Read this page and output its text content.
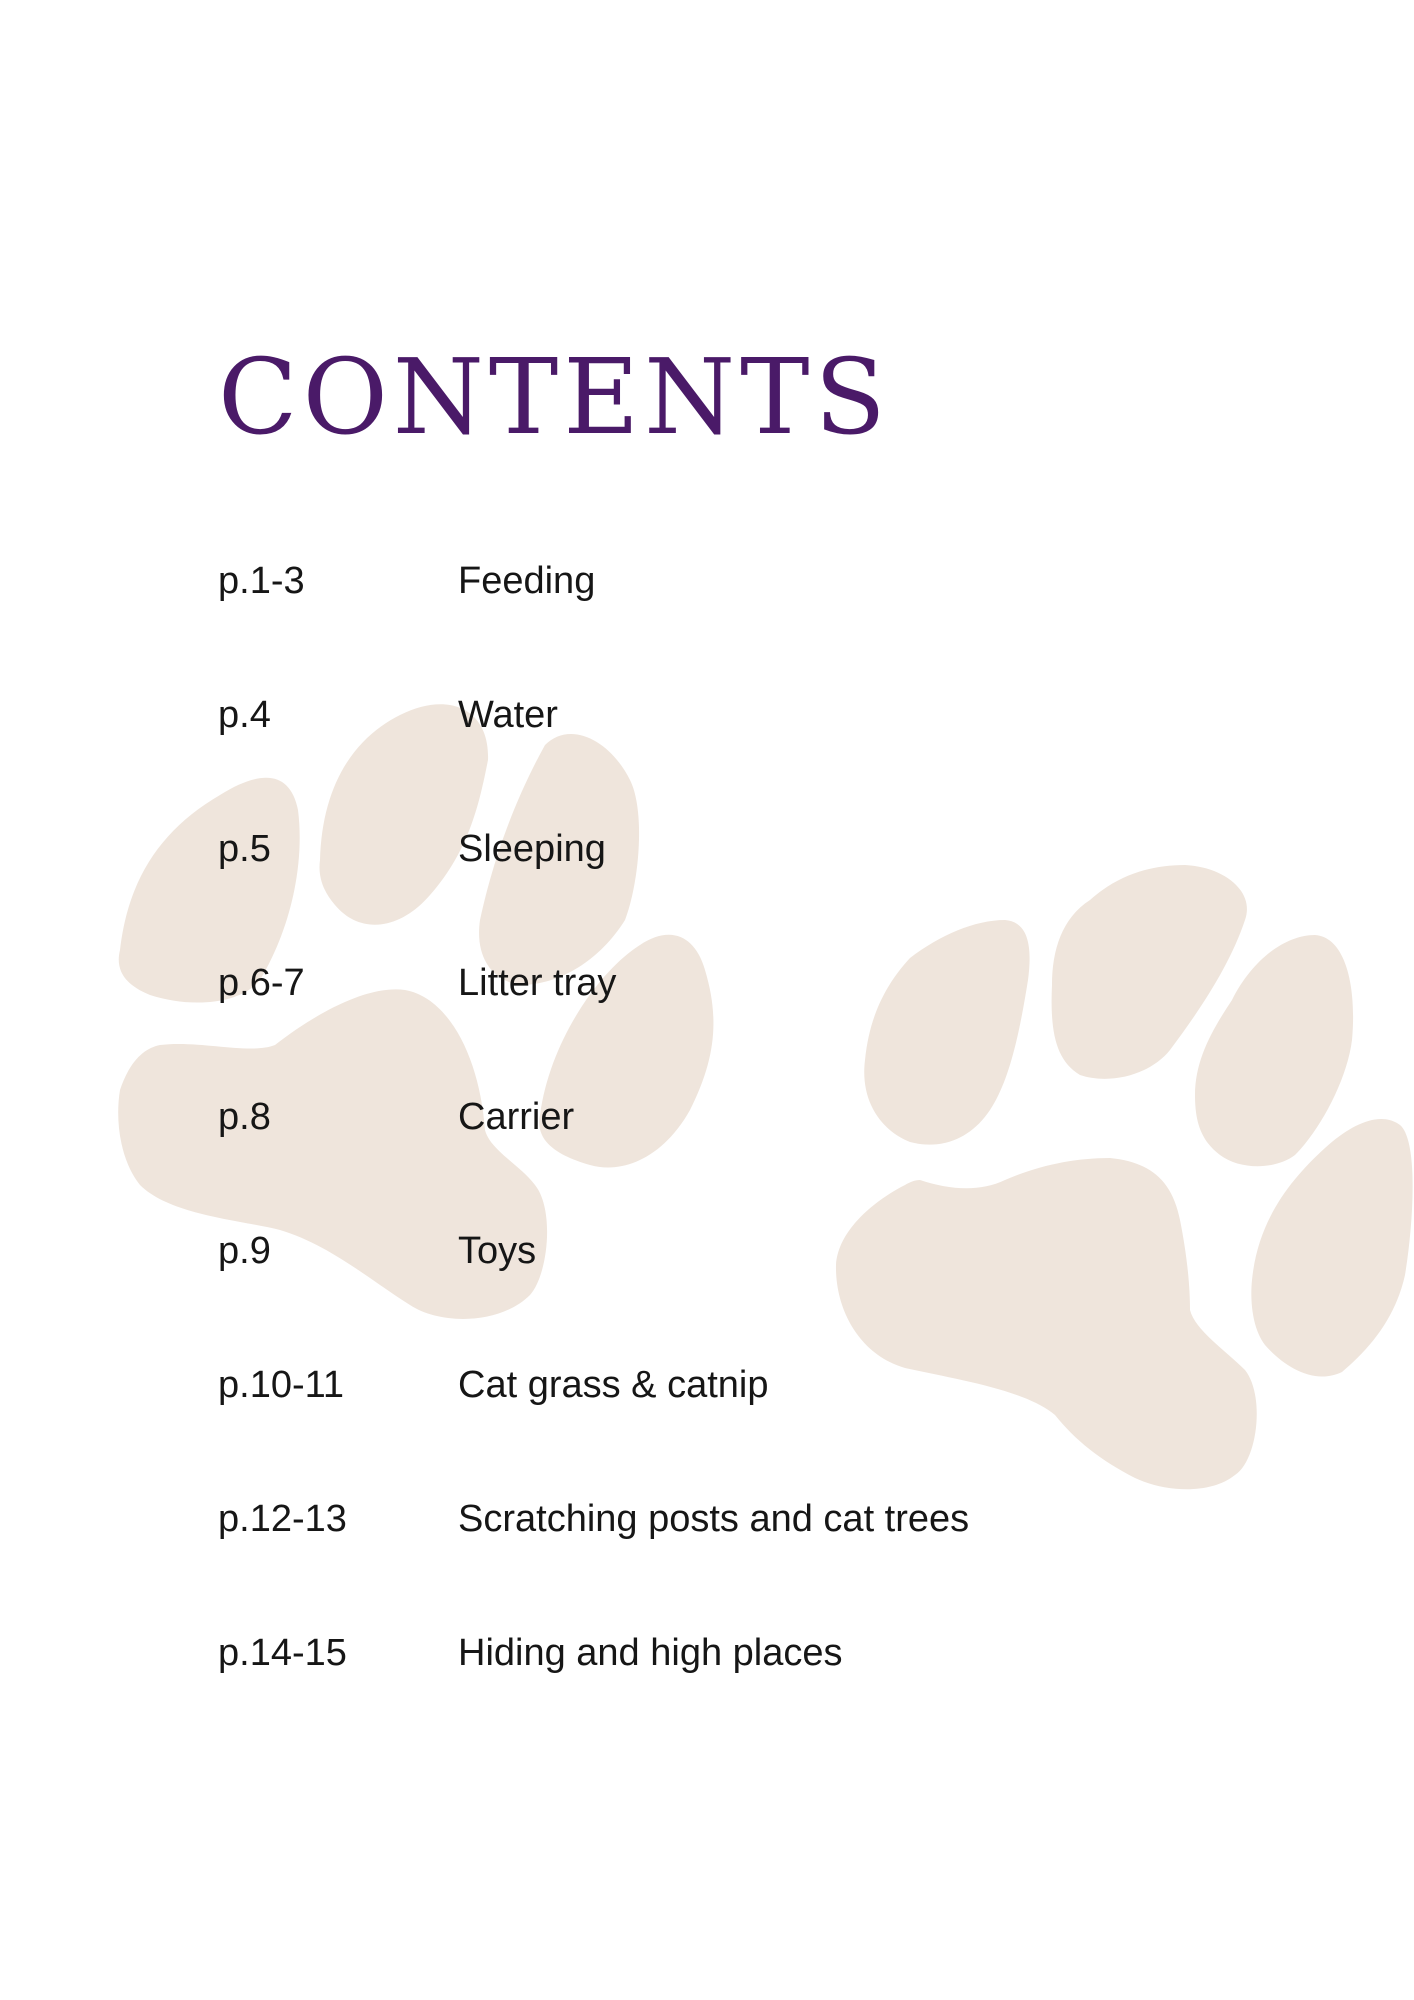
CONTENTS
p.1-3	Feeding
p.4	Water
p.5	Sleeping
p.6-7	Litter tray
p.8	Carrier
p.9	Toys
p.10-11	Cat grass & catnip
p.12-13	Scratching posts and cat trees
p.14-15	Hiding and high places
